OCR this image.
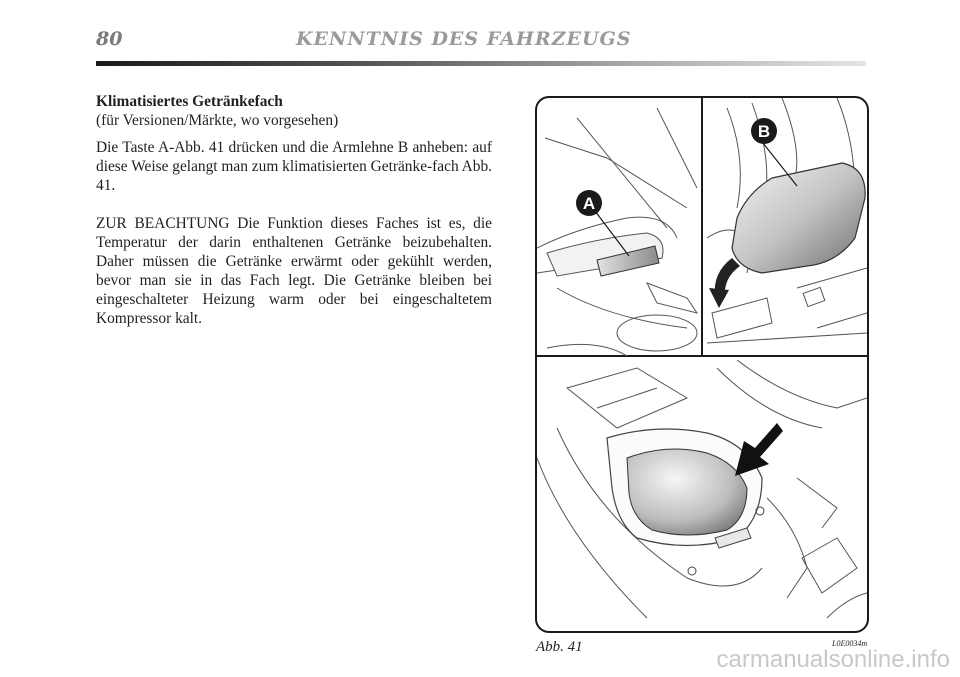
80	KENNTNIS DES FAHRZEUGS

Klimatisiertes Getränkefach

(für Versionen/Märkte, wo vorgesehen)

Die Taste A-Abb. 41 drücken und die Armlehne B anheben: auf diese Weise gelangt man zum klimatisierten Getränke-fach Abb. 41.

ZUR BEACHTUNG Die Funktion dieses Faches ist es, die Temperatur der darin enthaltenen Getränke beizubehalten. Daher müssen die Getränke erwärmt oder gekühlt werden, bevor man sie in das Fach legt. Die Getränke bleiben bei eingeschalteter Heizung warm oder bei eingeschaltetem Kompressor kalt.

A
B
Abb. 41	L0E0034m
carmanualsonline.info
